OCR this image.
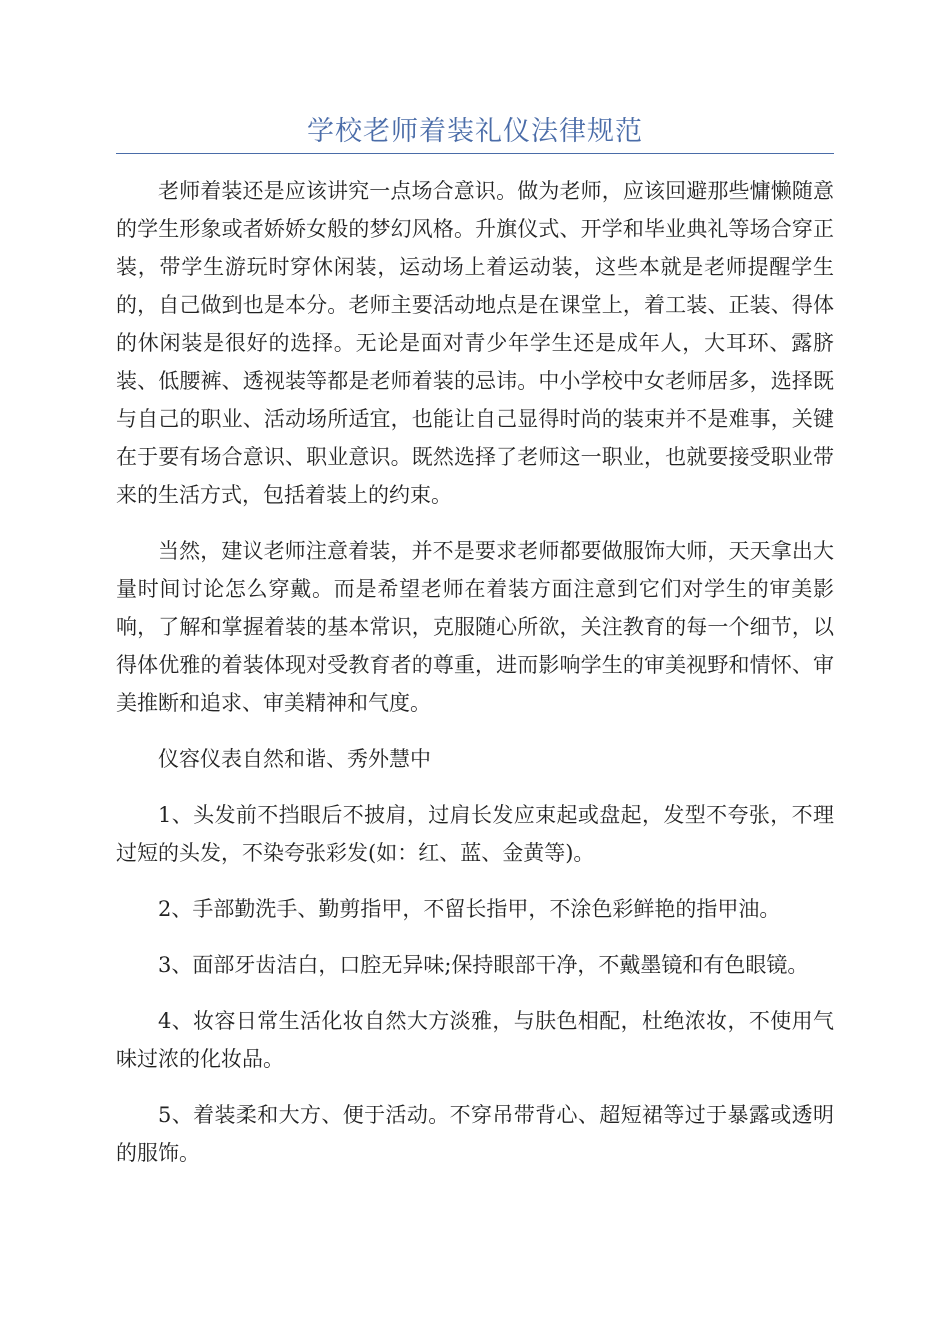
学校老师着装礼仪法律规范

老师着装还是应该讲究一点场合意识。做为老师，应该回避那些慵懒随意的学生形象或者娇娇女般的梦幻风格。升旗仪式、开学和毕业典礼等场合穿正装，带学生游玩时穿休闲装，运动场上着运动装，这些本就是老师提醒学生的，自己做到也是本分。老师主要活动地点是在课堂上，着工装、正装、得体的休闲装是很好的选择。无论是面对青少年学生还是成年人，大耳环、露脐装、低腰裤、透视装等都是老师着装的忌讳。中小学校中女老师居多，选择既与自己的职业、活动场所适宜，也能让自己显得时尚的装束并不是难事，关键在于要有场合意识、职业意识。既然选择了老师这一职业，也就要接受职业带来的生活方式，包括着装上的约束。

当然，建议老师注意着装，并不是要求老师都要做服饰大师，天天拿出大量时间讨论怎么穿戴。而是希望老师在着装方面注意到它们对学生的审美影响，了解和掌握着装的基本常识，克服随心所欲，关注教育的每一个细节，以得体优雅的着装体现对受教育者的尊重，进而影响学生的审美视野和情怀、审美推断和追求、审美精神和气度。

仪容仪表自然和谐、秀外慧中

1、头发前不挡眼后不披肩，过肩长发应束起或盘起，发型不夸张，不理过短的头发，不染夸张彩发(如：红、蓝、金黄等)。

2、手部勤洗手、勤剪指甲，不留长指甲，不涂色彩鲜艳的指甲油。

3、面部牙齿洁白，口腔无异味;保持眼部干净，不戴墨镜和有色眼镜。

4、妆容日常生活化妆自然大方淡雅，与肤色相配，杜绝浓妆，不使用气味过浓的化妆品。

5、着装柔和大方、便于活动。不穿吊带背心、超短裙等过于暴露或透明的服饰。
